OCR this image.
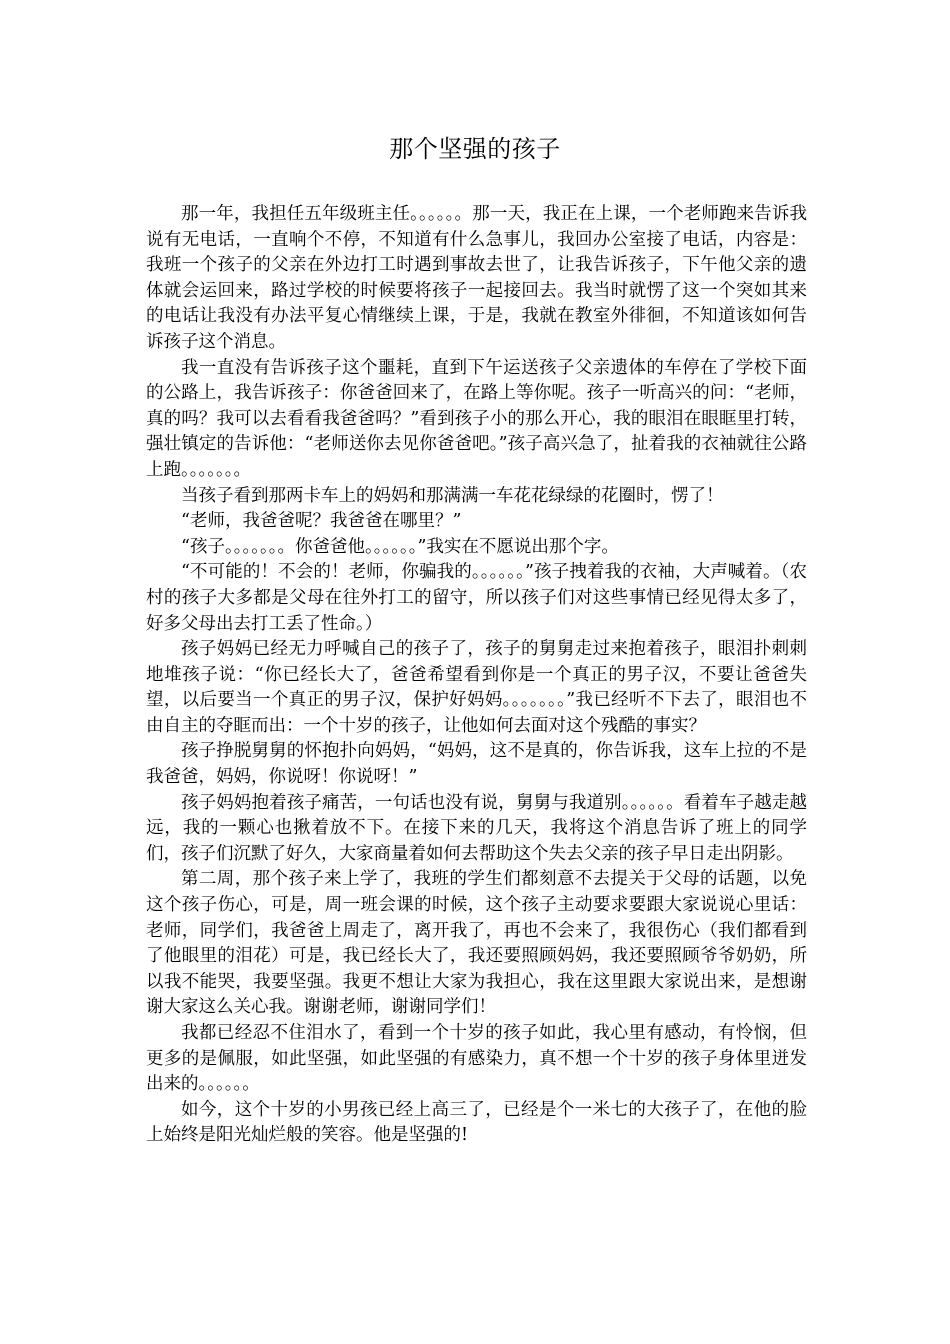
那个坚强的孩子

那一年，我担任五年级班主任。。。。。。那一天，我正在上课，一个老师跑来告诉我说有无电话，一直响个不停，不知道有什么急事儿，我回办公室接了电话，内容是：我班一个孩子的父亲在外边打工时遇到事故去世了，让我告诉孩子，下午他父亲的遗体就会运回来，路过学校的时候要将孩子一起接回去。我当时就愣了这一个突如其来的电话让我没有办法平复心情继续上课，于是，我就在教室外徘徊，不知道该如何告诉孩子这个消息。

我一直没有告诉孩子这个噩耗，直到下午运送孩子父亲遗体的车停在了学校下面的公路上，我告诉孩子：你爸爸回来了，在路上等你呢。孩子一听高兴的问：“老师，真的吗？我可以去看看我爸爸吗？”看到孩子小的那么开心，我的眼泪在眼眶里打转，强壮镇定的告诉他：“老师送你去见你爸爸吧。”孩子高兴急了，扯着我的衣袖就往公路上跑。。。。。。。

当孩子看到那两卡车上的妈妈和那满满一车花花绿绿的花圈时，愣了！

“老师，我爸爸呢？我爸爸在哪里？”

“孩子。。。。。。。你爸爸他。。。。。。”我实在不愿说出那个字。

“不可能的！不会的！老师，你骗我的。。。。。。”孩子拽着我的衣袖，大声喊着。（农村的孩子大多都是父母在往外打工的留守，所以孩子们对这些事情已经见得太多了，好多父母出去打工丢了性命。）

孩子妈妈已经无力呼喊自己的孩子了，孩子的舅舅走过来抱着孩子，眼泪扑刺刺地堆孩子说：“你已经长大了，爸爸希望看到你是一个真正的男子汉，不要让爸爸失望，以后要当一个真正的男子汉，保护好妈妈。。。。。。。”我已经听不下去了，眼泪也不由自主的夺眶而出：一个十岁的孩子，让他如何去面对这个残酷的事实？

孩子挣脱舅舅的怀抱扑向妈妈，“妈妈，这不是真的，你告诉我，这车上拉的不是我爸爸，妈妈，你说呀！你说呀！”

孩子妈妈抱着孩子痛苦，一句话也没有说，舅舅与我道别。。。。。。看着车子越走越远，我的一颗心也揪着放不下。在接下来的几天，我将这个消息告诉了班上的同学们，孩子们沉默了好久，大家商量着如何去帮助这个失去父亲的孩子早日走出阴影。

第二周，那个孩子来上学了，我班的学生们都刻意不去提关于父母的话题，以免这个孩子伤心，可是，周一班会课的时候，这个孩子主动要求要跟大家说说心里话：老师，同学们，我爸爸上周走了，离开我了，再也不会来了，我很伤心（我们都看到了他眼里的泪花）可是，我已经长大了，我还要照顾妈妈，我还要照顾爷爷奶奶，所以我不能哭，我要坚强。我更不想让大家为我担心，我在这里跟大家说出来，是想谢谢大家这么关心我。谢谢老师，谢谢同学们！

我都已经忍不住泪水了，看到一个十岁的孩子如此，我心里有感动，有怜悯，但更多的是佩服，如此坚强，如此坚强的有感染力，真不想一个十岁的孩子身体里迸发出来的。。。。。。

如今，这个十岁的小男孩已经上高三了，已经是个一米七的大孩子了，在他的脸上始终是阳光灿烂般的笑容。他是坚强的!
